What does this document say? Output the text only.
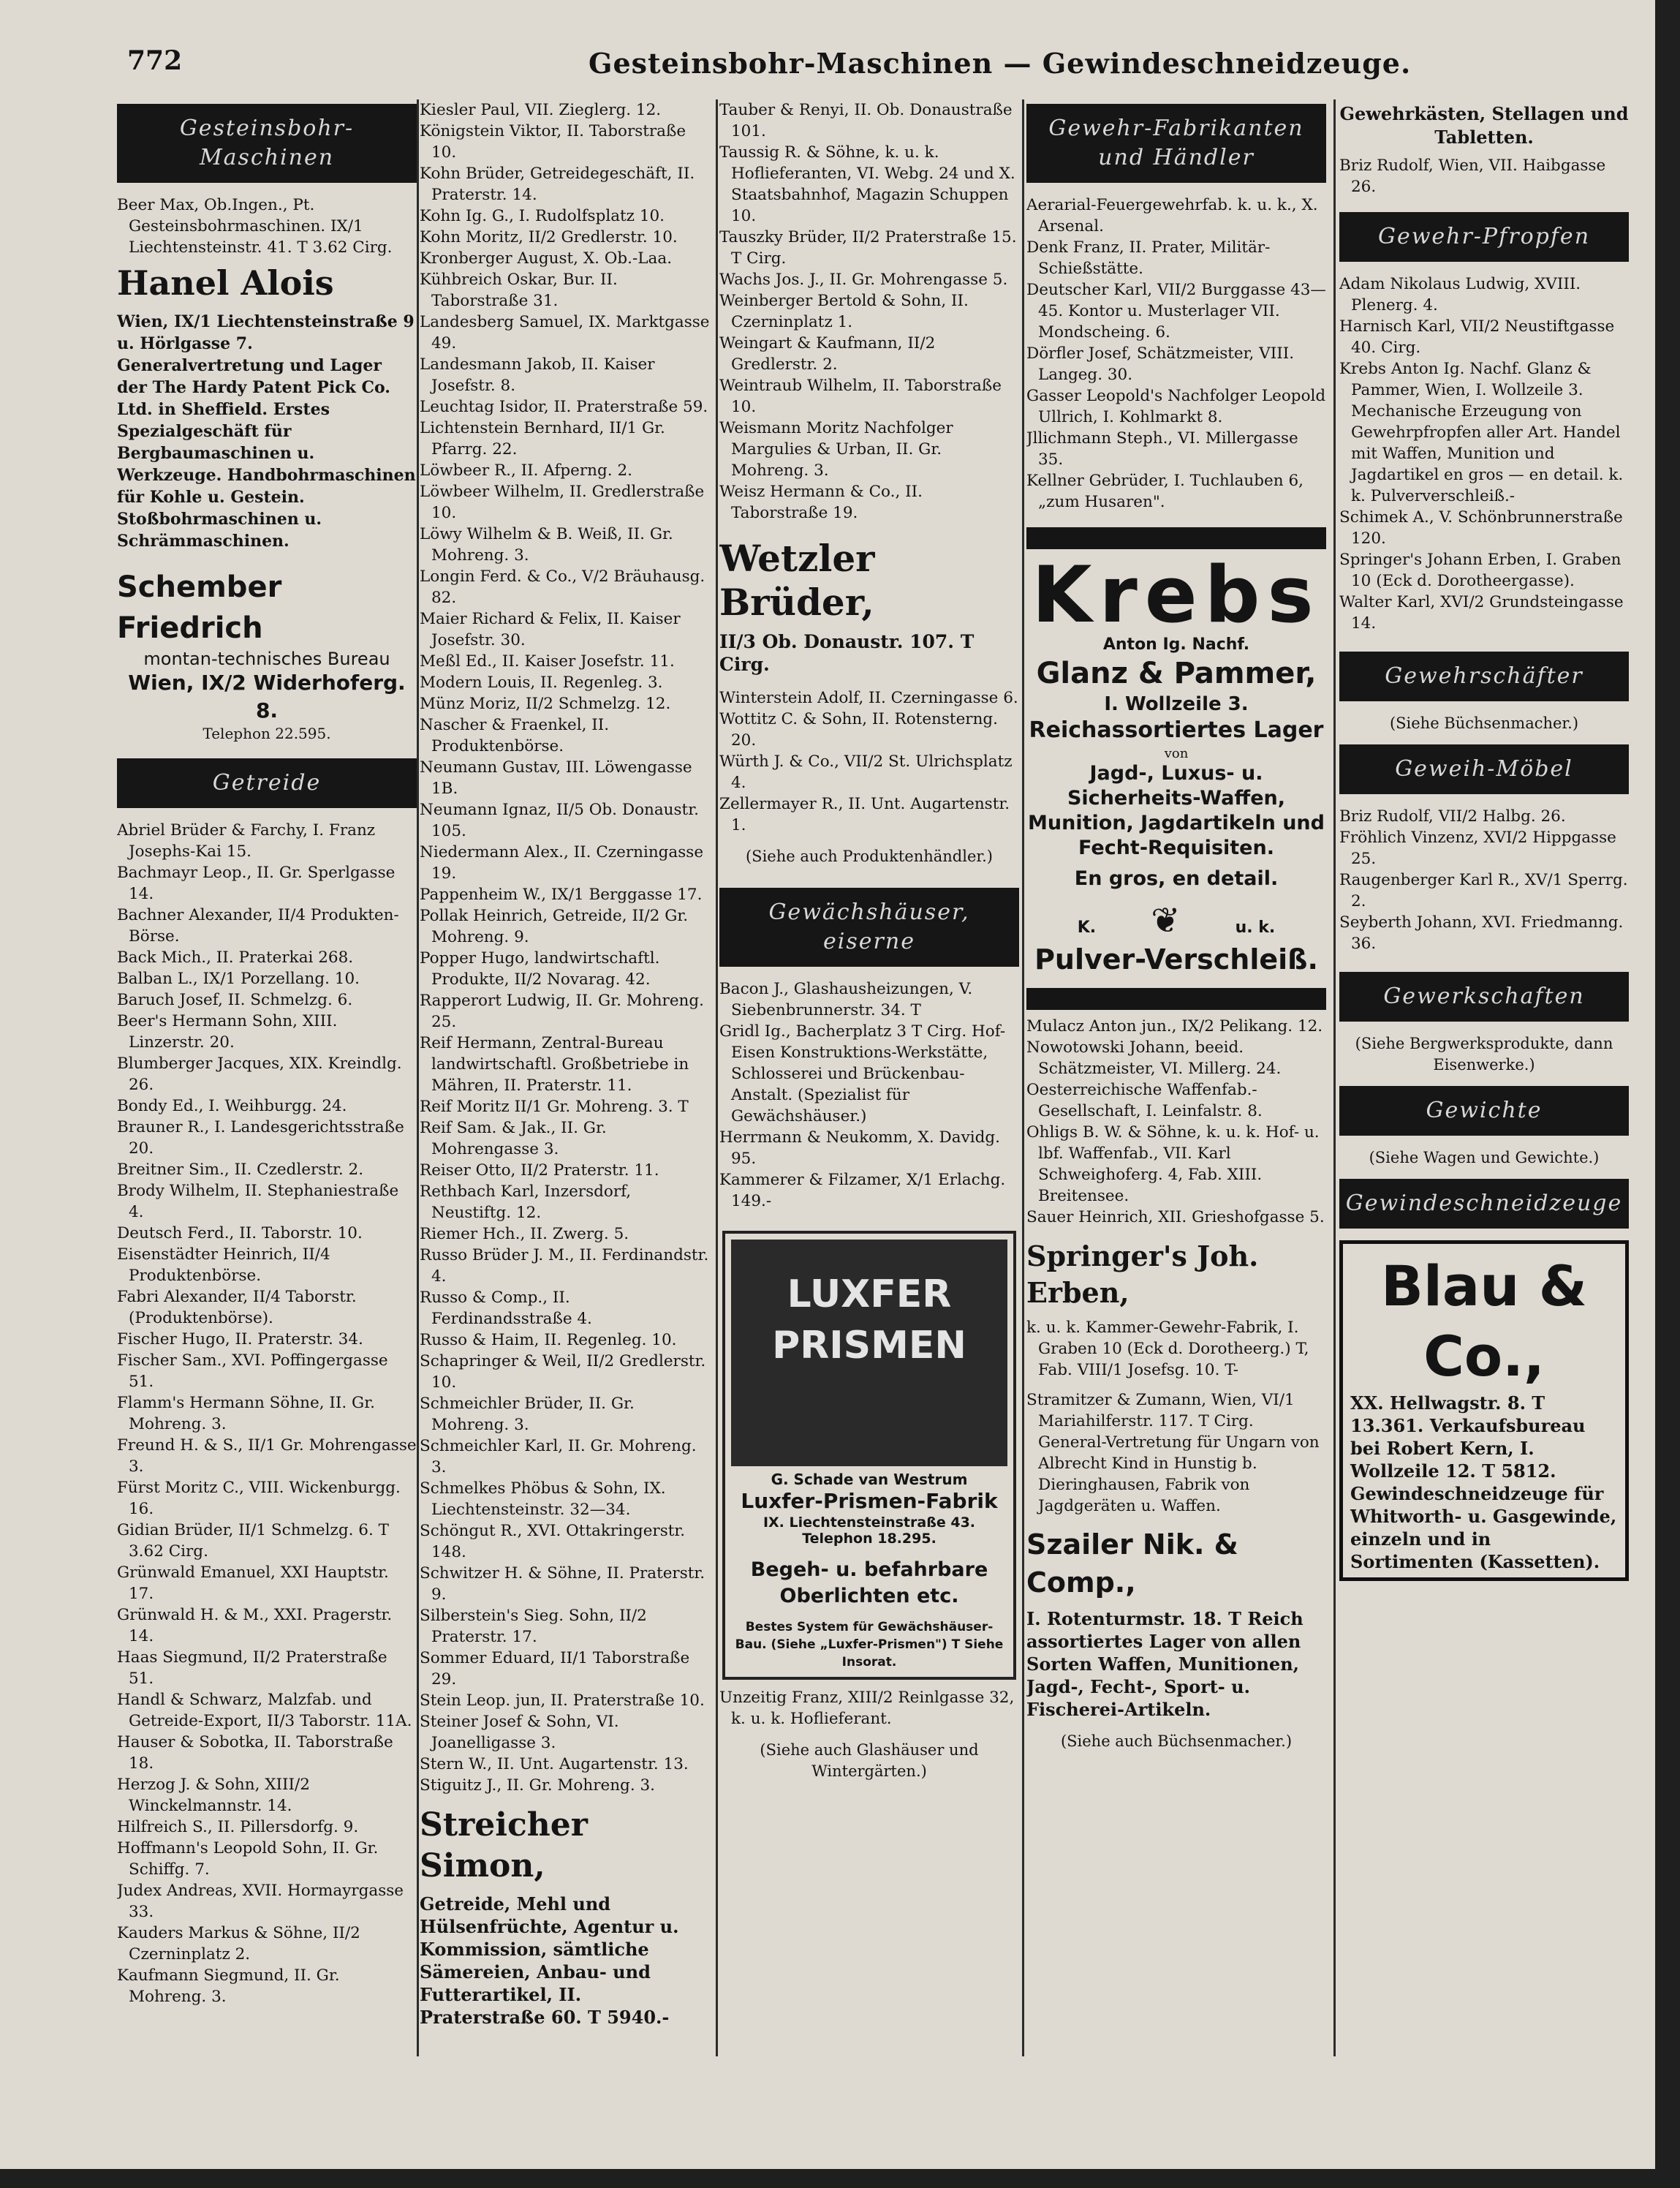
772	Gesteinsbohr-Maschinen — Gewindeschneidzeuge.
Gesteinsbohr-Maschinen

Beer Max, Ob.Ingen., Pt. Gesteinsbohrmaschinen. IX/1 Liechtensteinstr. 41. T 3.62 Cirg.

Hanel Alois
Wien, IX/1 Liechtensteinstraße 9 u. Hörlgasse 7. Generalvertretung und Lager der The Hardy Patent Pick Co. Ltd. in Sheffield. Erstes Spezialgeschäft für Bergbaumaschinen u. Werkzeuge. Handbohrmaschinen für Kohle u. Gestein. Stoßbohrmaschinen u. Schrämmaschinen.
Schember Friedrich
montan-technisches Bureau
Wien, IX/2 Widerhoferg. 8.
Telephon 22.595.
Getreide

Abriel Brüder & Farchy, I. Franz Josephs-Kai 15.

Bachmayr Leop., II. Gr. Sperlgasse 14.

Bachner Alexander, II/4 Produkten-Börse.

Back Mich., II. Praterkai 268.

Balban L., IX/1 Porzellang. 10.

Baruch Josef, II. Schmelzg. 6.

Beer's Hermann Sohn, XIII. Linzerstr. 20.

Blumberger Jacques, XIX. Kreindlg. 26.

Bondy Ed., I. Weihburgg. 24.

Brauner R., I. Landesgerichtsstraße 20.

Breitner Sim., II. Czedlerstr. 2.

Brody Wilhelm, II. Stephaniestraße 4.

Deutsch Ferd., II. Taborstr. 10.

Eisenstädter Heinrich, II/4 Produktenbörse.

Fabri Alexander, II/4 Taborstr. (Produktenbörse).

Fischer Hugo, II. Praterstr. 34.

Fischer Sam., XVI. Poffingergasse 51.

Flamm's Hermann Söhne, II. Gr. Mohreng. 3.

Freund H. & S., II/1 Gr. Mohrengasse 3.

Fürst Moritz C., VIII. Wickenburgg. 16.

Gidian Brüder, II/1 Schmelzg. 6. T 3.62 Cirg.

Grünwald Emanuel, XXI Hauptstr. 17.

Grünwald H. & M., XXI. Pragerstr. 14.

Haas Siegmund, II/2 Praterstraße 51.

Handl & Schwarz, Malzfab. und Getreide-Export, II/3 Taborstr. 11A.

Hauser & Sobotka, II. Taborstraße 18.

Herzog J. & Sohn, XIII/2 Winckelmannstr. 14.

Hilfreich S., II. Pillersdorfg. 9.

Hoffmann's Leopold Sohn, II. Gr. Schiffg. 7.

Judex Andreas, XVII. Hormayrgasse 33.

Kauders Markus & Söhne, II/2 Czerninplatz 2.

Kaufmann Siegmund, II. Gr. Mohreng. 3.

Kiesler Paul, VII. Zieglerg. 12.

Königstein Viktor, II. Taborstraße 10.

Kohn Brüder, Getreidegeschäft, II. Praterstr. 14.

Kohn Ig. G., I. Rudolfsplatz 10.

Kohn Moritz, II/2 Gredlerstr. 10.

Kronberger August, X. Ob.-Laa.

Kühbreich Oskar, Bur. II. Taborstraße 31.

Landesberg Samuel, IX. Marktgasse 49.

Landesmann Jakob, II. Kaiser Josefstr. 8.

Leuchtag Isidor, II. Praterstraße 59.

Lichtenstein Bernhard, II/1 Gr. Pfarrg. 22.

Löwbeer R., II. Afperng. 2.

Löwbeer Wilhelm, II. Gredlerstraße 10.

Löwy Wilhelm & B. Weiß, II. Gr. Mohreng. 3.

Longin Ferd. & Co., V/2 Bräuhausg. 82.

Maier Richard & Felix, II. Kaiser Josefstr. 30.

Meßl Ed., II. Kaiser Josefstr. 11.

Modern Louis, II. Regenleg. 3.

Münz Moriz, II/2 Schmelzg. 12.

Nascher & Fraenkel, II. Produktenbörse.

Neumann Gustav, III. Löwengasse 1B.

Neumann Ignaz, II/5 Ob. Donaustr. 105.

Niedermann Alex., II. Czerningasse 19.

Pappenheim W., IX/1 Berggasse 17.

Pollak Heinrich, Getreide, II/2 Gr. Mohreng. 9.

Popper Hugo, landwirtschaftl. Produkte, II/2 Novarag. 42.

Rapperort Ludwig, II. Gr. Mohreng. 25.

Reif Hermann, Zentral-Bureau landwirtschaftl. Großbetriebe in Mähren, II. Praterstr. 11.

Reif Moritz II/1 Gr. Mohreng. 3. T

Reif Sam. & Jak., II. Gr. Mohrengasse 3.

Reiser Otto, II/2 Praterstr. 11.

Rethbach Karl, Inzersdorf, Neustiftg. 12.

Riemer Hch., II. Zwerg. 5.

Russo Brüder J. M., II. Ferdinandstr. 4.

Russo & Comp., II. Ferdinandsstraße 4.

Russo & Haim, II. Regenleg. 10.

Schapringer & Weil, II/2 Gredlerstr. 10.

Schmeichler Brüder, II. Gr. Mohreng. 3.

Schmeichler Karl, II. Gr. Mohreng. 3.

Schmelkes Phöbus & Sohn, IX. Liechtensteinstr. 32—34.

Schöngut R., XVI. Ottakringerstr. 148.

Schwitzer H. & Söhne, II. Praterstr. 9.

Silberstein's Sieg. Sohn, II/2 Praterstr. 17.

Sommer Eduard, II/1 Taborstraße 29.

Stein Leop. jun, II. Praterstraße 10.

Steiner Josef & Sohn, VI. Joanelligasse 3.

Stern W., II. Unt. Augartenstr. 13.

Stiguitz J., II. Gr. Mohreng. 3.

Streicher Simon,
Getreide, Mehl und Hülsenfrüchte, Agentur u. Kommission, sämtliche Sämereien, Anbau- und Futterartikel, II. Praterstraße 60. T 5940.-

Tauber & Renyi, II. Ob. Donaustraße 101.

Taussig R. & Söhne, k. u. k. Hoflieferanten, VI. Webg. 24 und X. Staatsbahnhof, Magazin Schuppen 10.

Tauszky Brüder, II/2 Praterstraße 15. T Cirg.

Wachs Jos. J., II. Gr. Mohrengasse 5.

Weinberger Bertold & Sohn, II. Czerninplatz 1.

Weingart & Kaufmann, II/2 Gredlerstr. 2.

Weintraub Wilhelm, II. Taborstraße 10.

Weismann Moritz Nachfolger Margulies & Urban, II. Gr. Mohreng. 3.

Weisz Hermann & Co., II. Taborstraße 19.

Wetzler Brüder,
II/3 Ob. Donaustr. 107. T Cirg.

Winterstein Adolf, II. Czerningasse 6.

Wottitz C. & Sohn, II. Rotensterng. 20.

Würth J. & Co., VII/2 St. Ulrichsplatz 4.

Zellermayer R., II. Unt. Augartenstr. 1.

(Siehe auch Produktenhändler.)
Gewächshäuser, eiserne

Bacon J., Glashausheizungen, V. Siebenbrunnerstr. 34. T

Gridl Ig., Bacherplatz 3 T Cirg. Hof-Eisen Konstruktions-Werkstätte, Schlosserei und Brückenbau-Anstalt. (Spezialist für Gewächshäuser.)

Herrmann & Neukomm, X. Davidg. 95.

Kammerer & Filzamer, X/1 Erlachg. 149.-

LUXFER PRISMEN
G. Schade van Westrum
Luxfer-Prismen-Fabrik
IX. Liechtensteinstraße 43.
Telephon 18.295.
Begeh- u. befahrbare Oberlichten etc.
Bestes System für Gewächshäuser-Bau. (Siehe „Luxfer-Prismen") T Siehe Insorat.

Unzeitig Franz, XIII/2 Reinlgasse 32, k. u. k. Hoflieferant.

(Siehe auch Glashäuser und Wintergärten.)
Gewehr-Fabrikanten und Händler

Aerarial-Feuergewehrfab. k. u. k., X. Arsenal.

Denk Franz, II. Prater, Militär-Schießstätte.

Deutscher Karl, VII/2 Burggasse 43—45. Kontor u. Musterlager VII. Mondscheing. 6.

Dörfler Josef, Schätzmeister, VIII. Langeg. 30.

Gasser Leopold's Nachfolger Leopold Ullrich, I. Kohlmarkt 8.

Jllichmann Steph., VI. Millergasse 35.

Kellner Gebrüder, I. Tuchlauben 6, „zum Husaren".

Krebs
Anton Ig. Nachf.
Glanz & Pammer,
I. Wollzeile 3.
Reichassortiertes Lager
von
Jagd-, Luxus- u. Sicherheits-Waffen, Munition, Jagdartikeln und Fecht-Requisiten.
En gros, en detail.
K. ❦	u. k.
Pulver-Verschleiß.

Mulacz Anton jun., IX/2 Pelikang. 12.

Nowotowski Johann, beeid. Schätzmeister, VI. Millerg. 24.

Oesterreichische Waffenfab.-Gesellschaft, I. Leinfalstr. 8.

Ohligs B. W. & Söhne, k. u. k. Hof- u. lbf. Waffenfab., VII. Karl Schweighoferg. 4, Fab. XIII. Breitensee.

Sauer Heinrich, XII. Grieshofgasse 5.

Springer's Joh. Erben,

k. u. k. Kammer-Gewehr-Fabrik, I. Graben 10 (Eck d. Dorotheerg.) T, Fab. VIII/1 Josefsg. 10. T-

Stramitzer & Zumann, Wien, VI/1 Mariahilferstr. 117. T Cirg. General-Vertretung für Ungarn von Albrecht Kind in Hunstig b. Dieringhausen, Fabrik von Jagdgeräten u. Waffen.

Szailer Nik. & Comp.,
I. Rotenturmstr. 18. T Reich assortiertes Lager von allen Sorten Waffen, Munitionen, Jagd-, Fecht-, Sport- u. Fischerei-Artikeln.
(Siehe auch Büchsenmacher.)
Gewehrkästen, Stellagen und Tabletten.

Briz Rudolf, Wien, VII. Haibgasse 26.

Gewehr-Pfropfen

Adam Nikolaus Ludwig, XVIII. Plenerg. 4.

Harnisch Karl, VII/2 Neustiftgasse 40. Cirg.

Krebs Anton Ig. Nachf. Glanz & Pammer, Wien, I. Wollzeile 3. Mechanische Erzeugung von Gewehrpfropfen aller Art. Handel mit Waffen, Munition und Jagdartikel en gros — en detail. k. k. Pulververschleiß.-

Schimek A., V. Schönbrunnerstraße 120.

Springer's Johann Erben, I. Graben 10 (Eck d. Dorotheergasse).

Walter Karl, XVI/2 Grundsteingasse 14.

Gewehrschäfter
(Siehe Büchsenmacher.)
Geweih-Möbel

Briz Rudolf, VII/2 Halbg. 26.

Fröhlich Vinzenz, XVI/2 Hippgasse 25.

Raugenberger Karl R., XV/1 Sperrg. 2.

Seyberth Johann, XVI. Friedmanng. 36.

Gewerkschaften
(Siehe Bergwerksprodukte, dann Eisenwerke.)
Gewichte
(Siehe Wagen und Gewichte.)
Gewindeschneidzeuge
Blau & Co.,
XX. Hellwagstr. 8. T 13.361. Verkaufsbureau bei Robert Kern, I. Wollzeile 12. T 5812. Gewindeschneidzeuge für Whitworth- u. Gasgewinde, einzeln und in Sortimenten (Kassetten).
